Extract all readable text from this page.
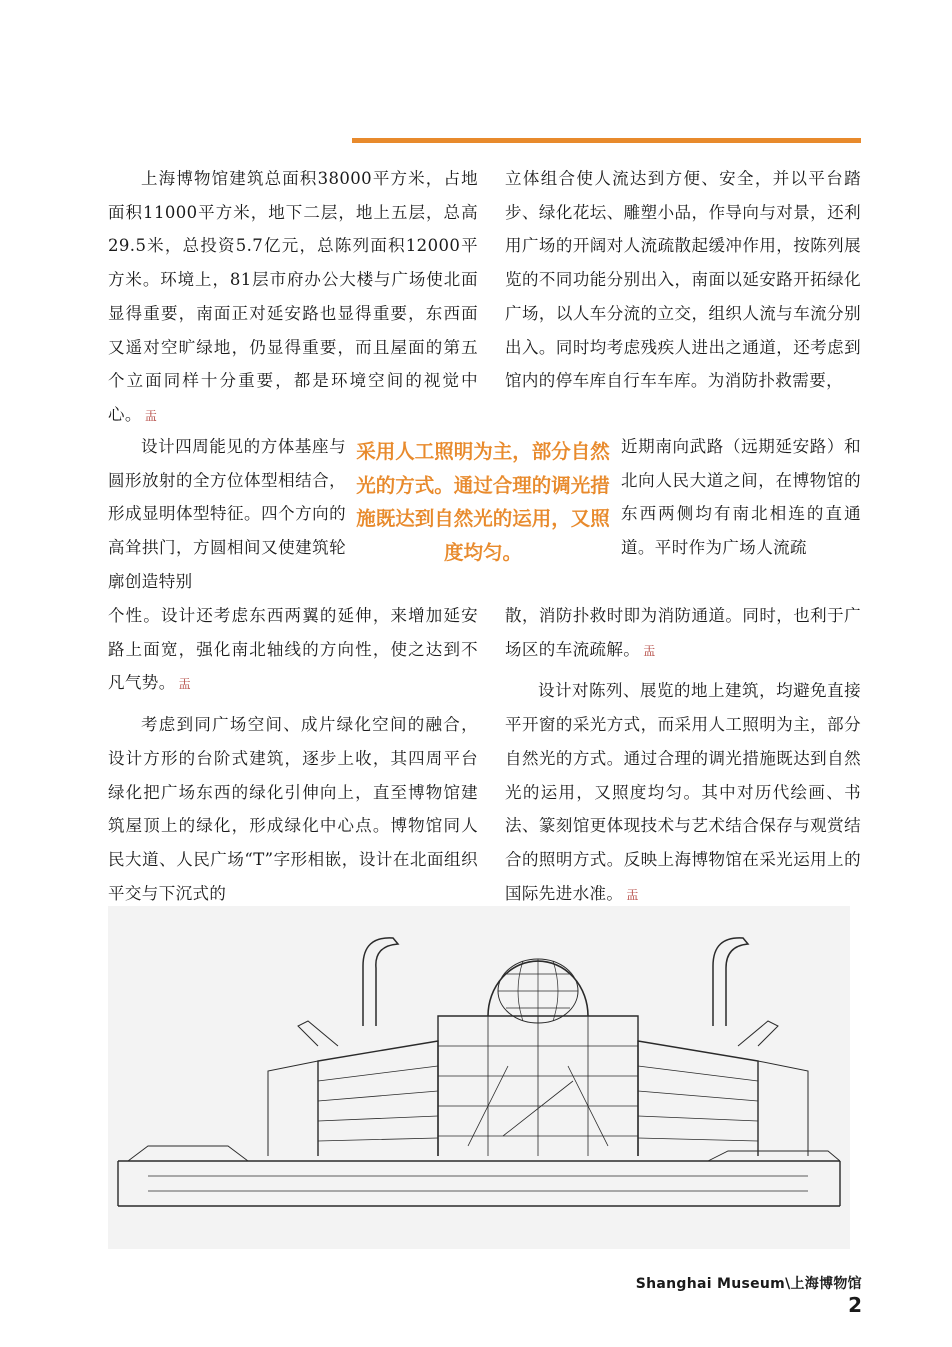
上海博物馆建筑总面积38000平方米，占地面积11000平方米，地下二层，地上五层，总高29.5米，总投资5.7亿元，总陈列面积12000平方米。环境上，81层市府办公大楼与广场使北面显得重要，南面正对延安路也显得重要，东西面又遥对空旷绿地，仍显得重要，而且屋面的第五个立面同样十分重要，都是环境空间的视觉中心。 㿻

设计四周能见的方体基座与圆形放射的全方位体型相结合，形成显明体型特征。四个方向的高耸拱门，方圆相间又使建筑轮廓创造特别

采用人工照明为主，部分自然光的方式。通过合理的调光措施既达到自然光的运用，又照度均匀。

个性。设计还考虑东西两翼的延伸，来增加延安路上面宽，强化南北轴线的方向性，使之达到不凡气势。 㿻

考虑到同广场空间、成片绿化空间的融合，设计方形的台阶式建筑，逐步上收，其四周平台绿化把广场东西的绿化引伸向上，直至博物馆建筑屋顶上的绿化，形成绿化中心点。博物馆同人民大道、人民广场“T”字形相嵌，设计在北面组织平交与下沉式的

立体组合使人流达到方便、安全，并以平台踏步、绿化花坛、雕塑小品，作导向与对景，还利用广场的开阔对人流疏散起缓冲作用，按陈列展览的不同功能分别出入，南面以延安路开拓绿化广场，以人车分流的立交，组织人流与车流分别出入。同时均考虑残疾人进出之通道，还考虑到馆内的停车库自行车车库。为消防扑救需要，

近期南向武路（远期延安路）和北向人民大道之间，在博物馆的东西两侧均有南北相连的直通道。平时作为广场人流疏

散，消防扑救时即为消防通道。同时，也利于广场区的车流疏解。 㿻

设计对陈列、展览的地上建筑，均避免直接平开窗的采光方式，而采用人工照明为主，部分自然光的方式。通过合理的调光措施既达到自然光的运用，又照度均匀。其中对历代绘画、书法、篆刻馆更体现技术与艺术结合保存与观赏结合的照明方式。反映上海博物馆在采光运用上的国际先进水准。 㿻

Shanghai Museum\上海博物馆2
